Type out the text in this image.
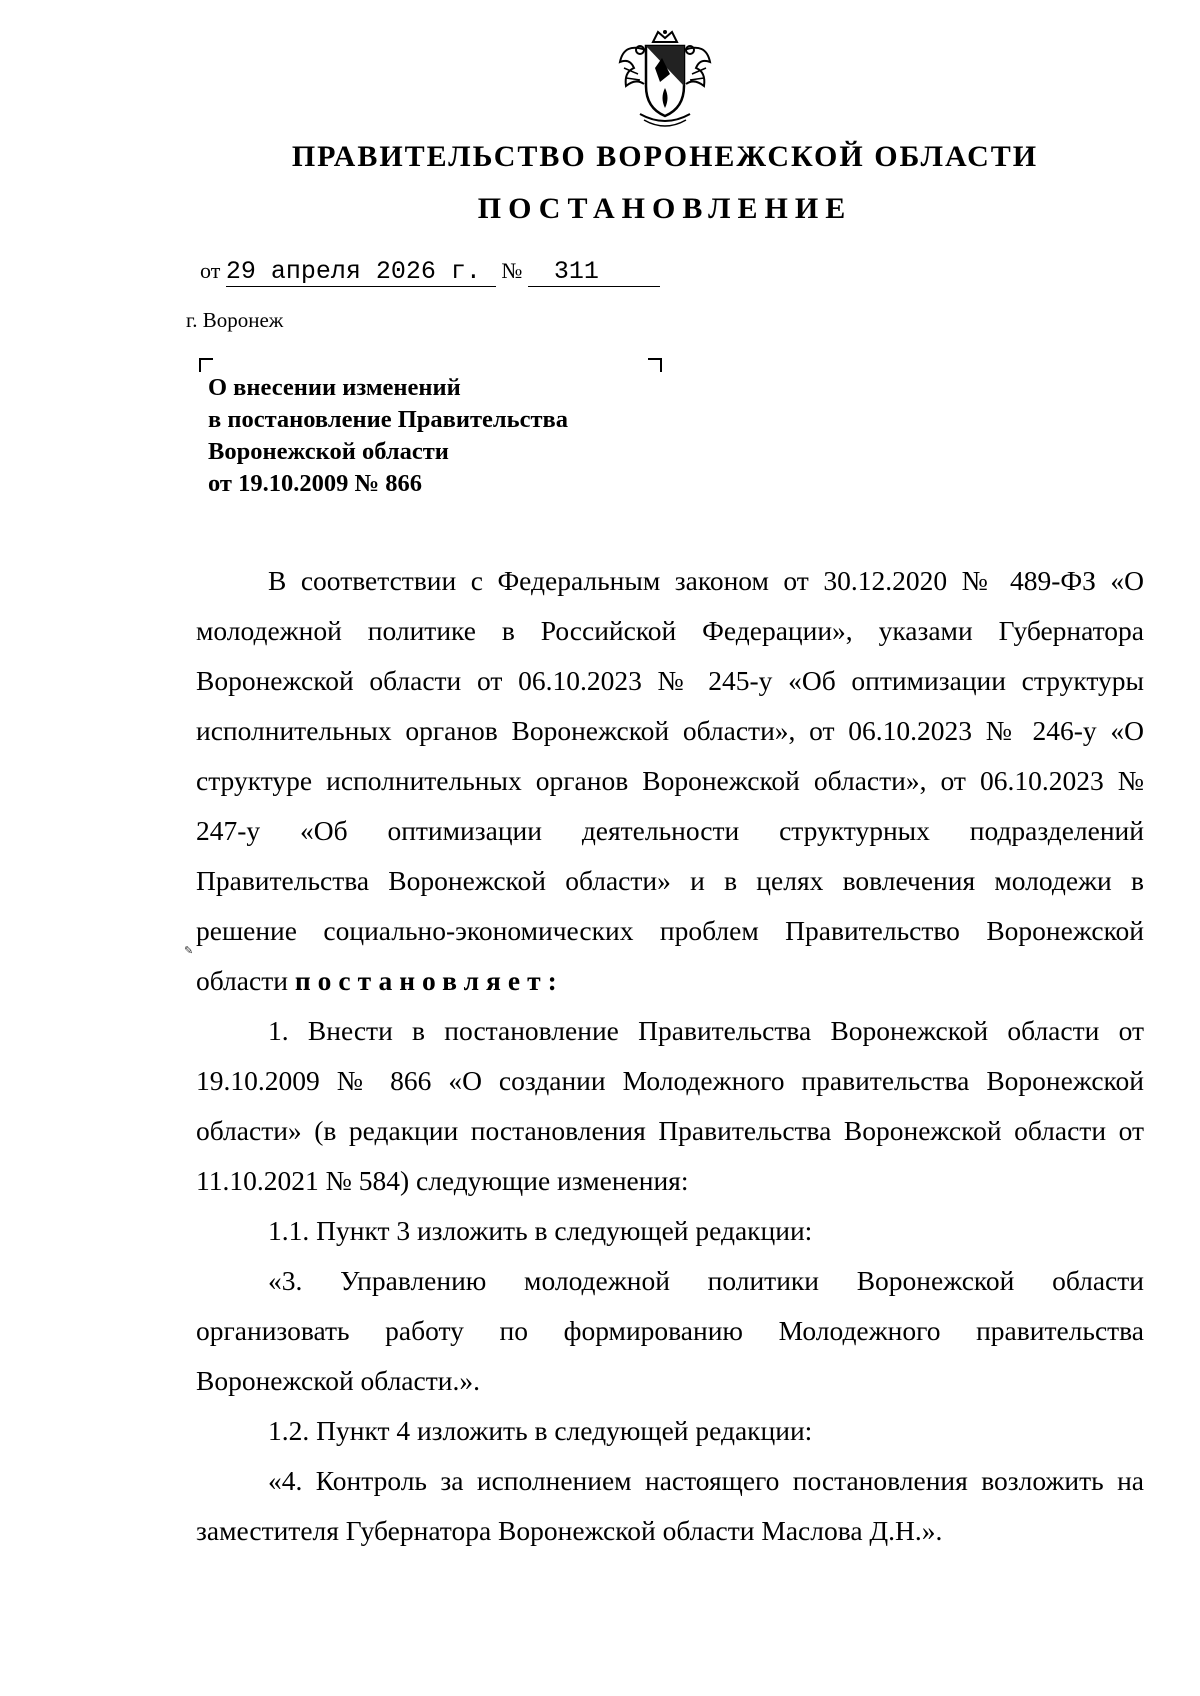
ПРАВИТЕЛЬСТВО ВОРОНЕЖСКОЙ ОБЛАСТИ
ПОСТАНОВЛЕНИЕ
от 29 апреля 2026 г. № 311
г. Воронеж
О внесении изменений
в постановление Правительства
Воронежской области
от 19.10.2009 № 866
✎

В соответствии с Федеральным законом от 30.12.2020 № 489-ФЗ «О молодежной политике в Российской Федерации», указами Губернатора Воронежской области от 06.10.2023 № 245-у «Об оптимизации структуры исполнительных органов Воронежской области», от 06.10.2023 № 246-у «О структуре исполнительных органов Воронежской области», от 06.10.2023 № 247-у «Об оптимизации деятельности структурных подразделений Правительства Воронежской области» и в целях вовлечения молодежи в решение социально-экономических проблем Правительство Воронежской области постановляет:

1. Внести в постановление Правительства Воронежской области от 19.10.2009 № 866 «О создании Молодежного правительства Воронежской области» (в редакции постановления Правительства Воронежской области от 11.10.2021 № 584) следующие изменения:

1.1. Пункт 3 изложить в следующей редакции:

«3. Управлению молодежной политики Воронежской области организовать работу по формированию Молодежного правительства Воронежской области.».

1.2. Пункт 4 изложить в следующей редакции:

«4. Контроль за исполнением настоящего постановления возложить на заместителя Губернатора Воронежской области Маслова Д.Н.».
